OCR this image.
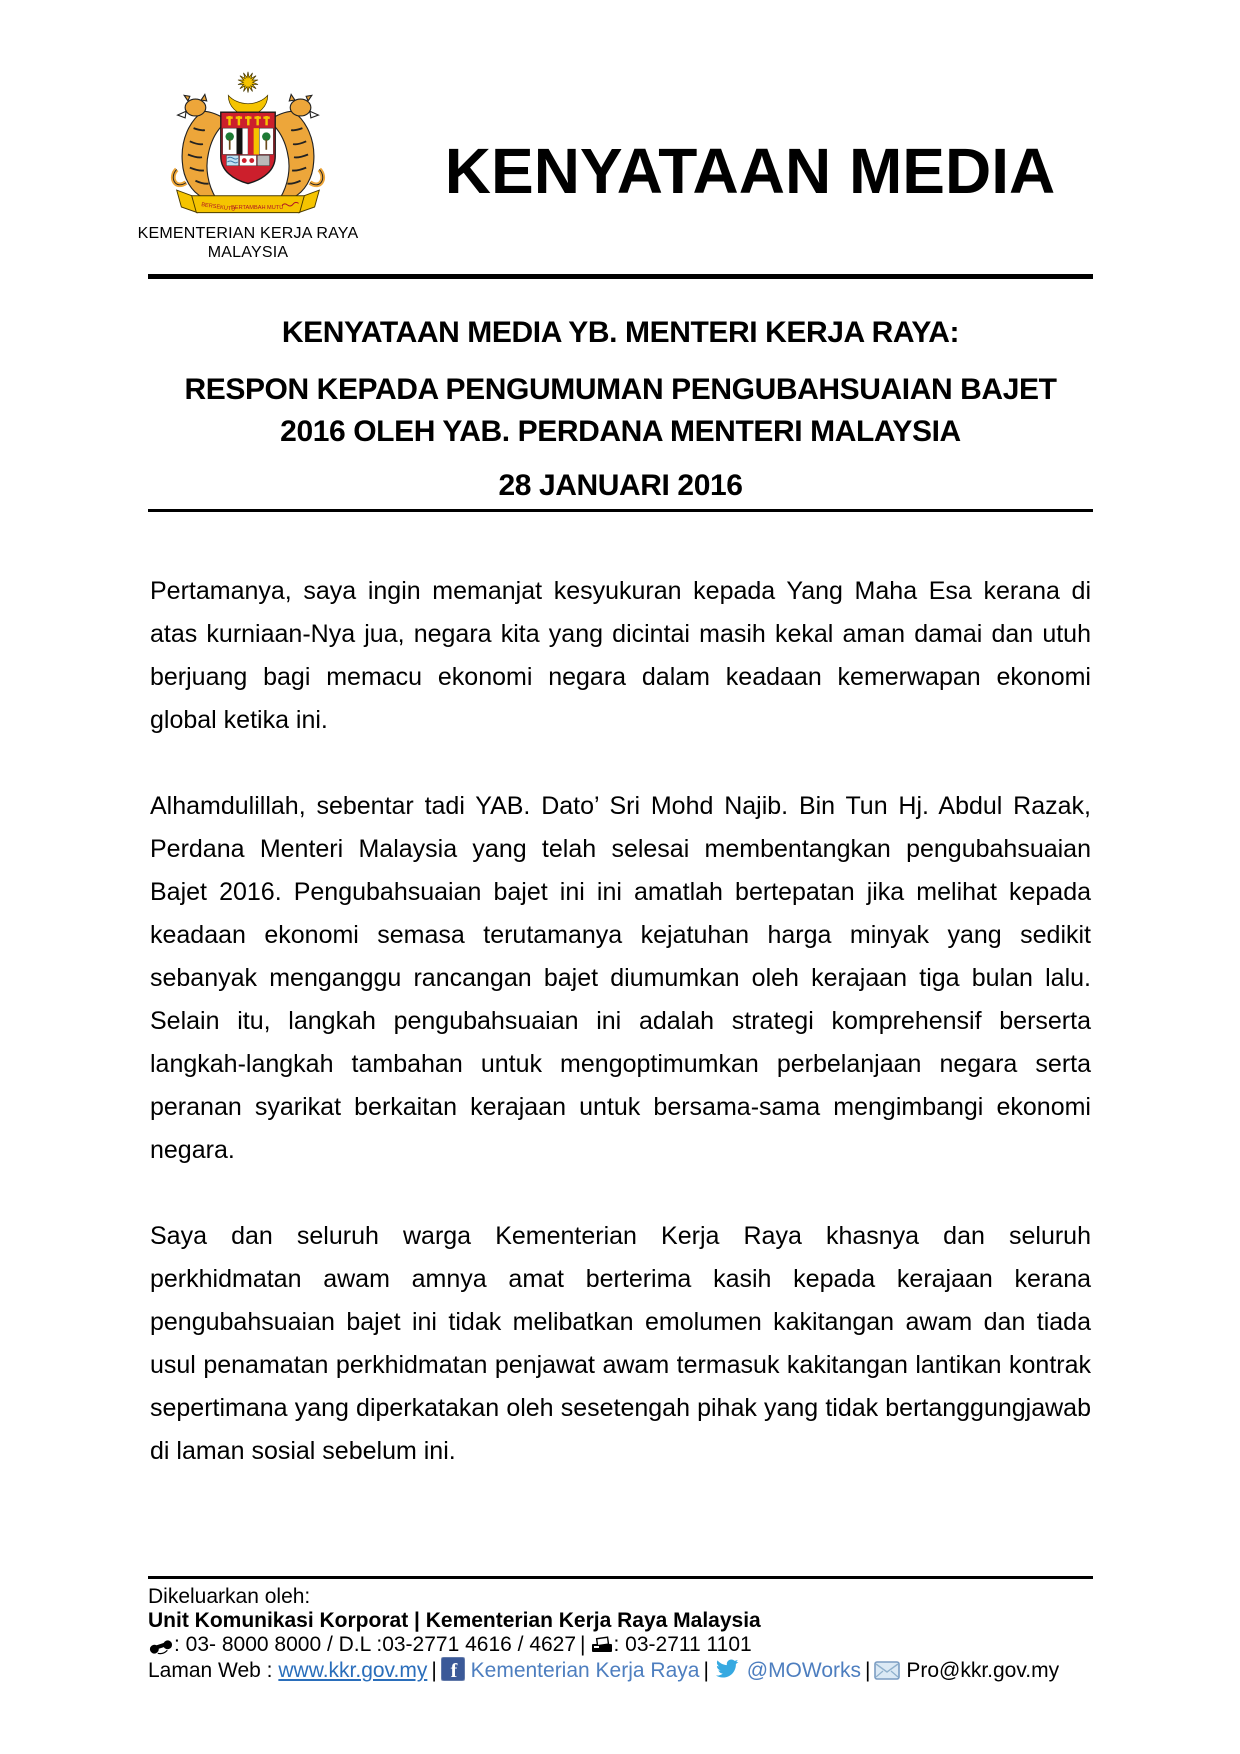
BERSEKUTU
BERTAMBAH MUTU
KEMENTERIAN KERJA RAYA
MALAYSIA
KENYATAAN MEDIA
KENYATAAN MEDIA YB. MENTERI KERJA RAYA:
RESPON KEPADA PENGUMUMAN PENGUBAHSUAIAN BAJET
2016 OLEH YAB. PERDANA MENTERI MALAYSIA
28 JANUARI 2016

Pertamanya, saya ingin memanjat kesyukuran kepada Yang Maha Esa kerana di atas kurniaan-Nya jua, negara kita yang dicintai masih kekal aman damai dan utuh berjuang bagi memacu ekonomi negara dalam keadaan kemerwapan ekonomi global ketika ini.

Alhamdulillah, sebentar tadi YAB. Dato’ Sri Mohd Najib. Bin Tun Hj. Abdul Razak, Perdana Menteri Malaysia yang telah selesai membentangkan pengubahsuaian Bajet 2016. Pengubahsuaian bajet ini ini amatlah bertepatan jika melihat kepada keadaan ekonomi semasa terutamanya kejatuhan harga minyak yang sedikit sebanyak menganggu rancangan bajet diumumkan oleh kerajaan tiga bulan lalu. Selain itu, langkah pengubahsuaian ini adalah strategi komprehensif berserta langkah-langkah tambahan untuk mengoptimumkan perbelanjaan negara serta peranan syarikat berkaitan kerajaan untuk bersama-sama mengimbangi ekonomi negara.

Saya dan seluruh warga Kementerian Kerja Raya khasnya dan seluruh perkhidmatan awam amnya amat berterima kasih kepada kerajaan kerana pengubahsuaian bajet ini tidak melibatkan emolumen kakitangan awam dan tiada usul penamatan perkhidmatan penjawat awam termasuk kakitangan lantikan kontrak sepertimana yang diperkatakan oleh sesetengah pihak yang tidak bertanggungjawab di laman sosial sebelum ini.

Dikeluarkan oleh:
Unit Komunikasi Korporat | Kementerian Kerja Raya Malaysia
: 03- 8000 8000 / D.L :03-2771 4616 / 4627 | : 03-2711 1101
Laman Web : www.kkr.gov.my | f Kementerian Kerja Raya | @MOWorks | Pro@kkr.gov.my
